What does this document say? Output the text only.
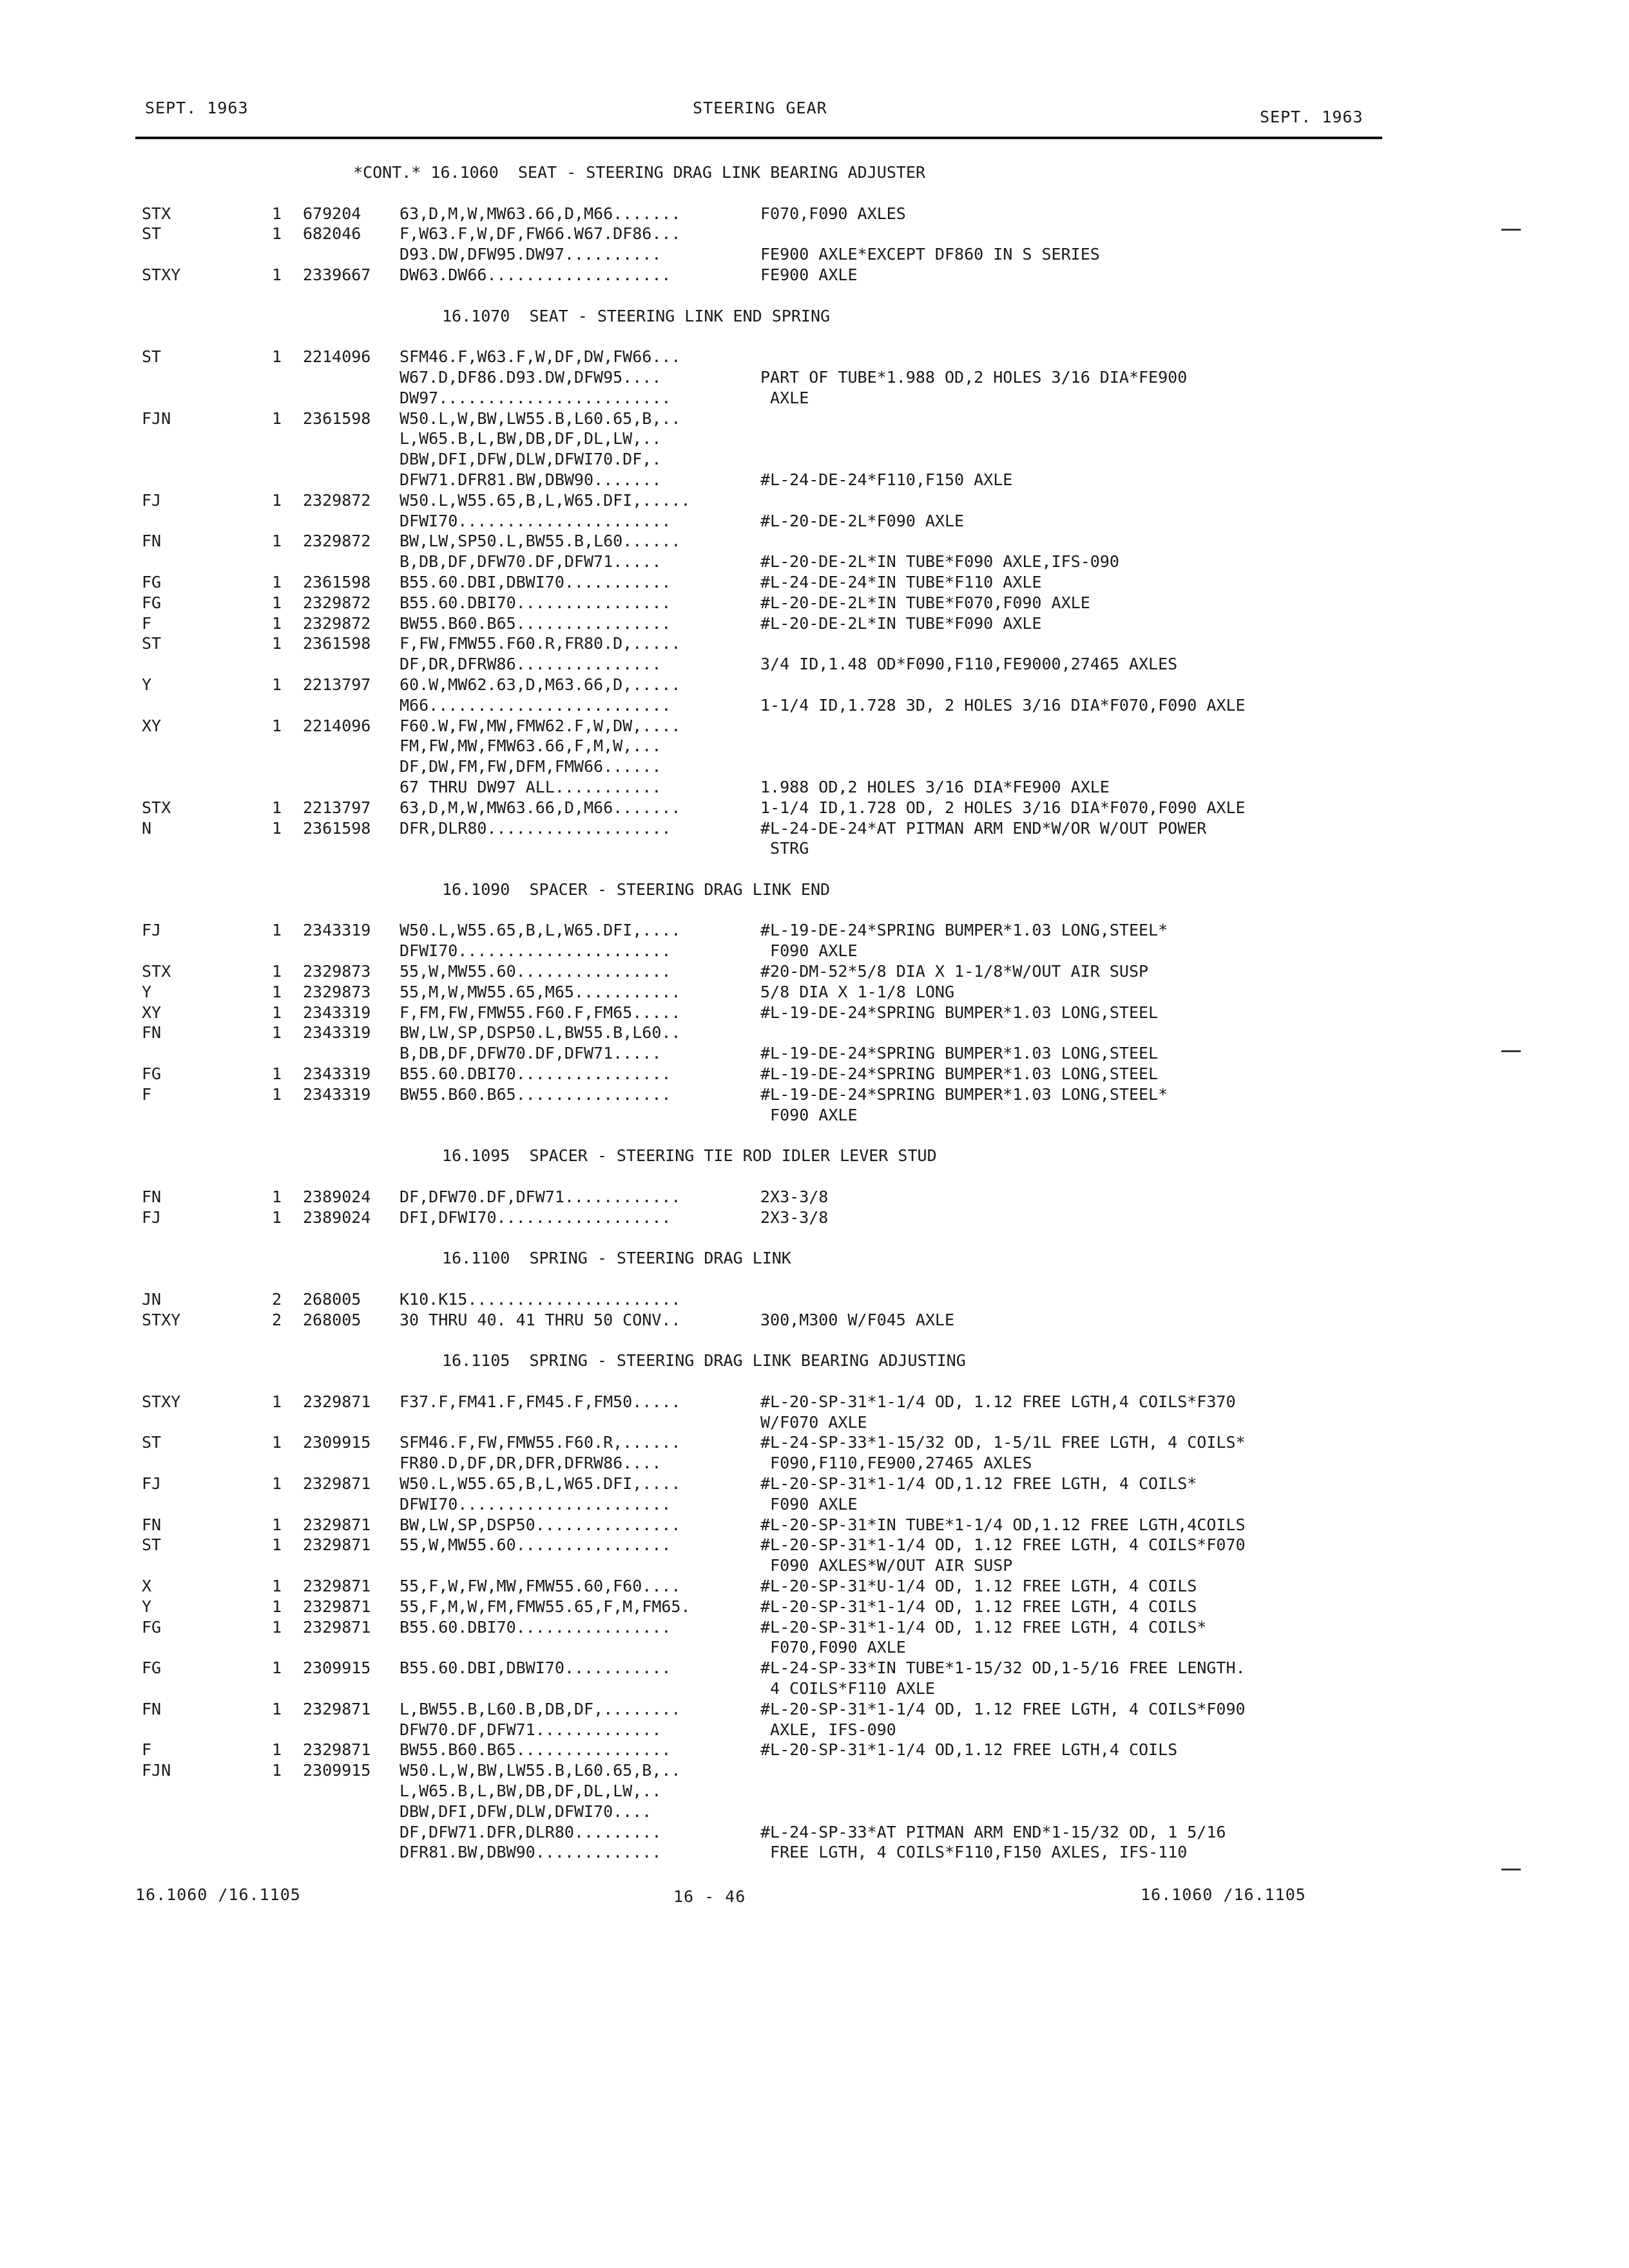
SEPT. 1963	STEERING GEAR	SEPT. 1963
*CONT.* 16.1060  SEAT - STEERING DRAG LINK BEARING ADJUSTER
STX	1 679204 63,D,M,W,MW63.66,D,M66.......	F070,F090 AXLES
ST	1 682046 F,W63.F,W,DF,FW66.W67.DF86...
D93.DW,DFW95.DW97..........	FE900 AXLE*EXCEPT DF860 IN S SERIES
STXY	1 2339667 DW63.DW66...................	FE900 AXLE
16.1070  SEAT - STEERING LINK END SPRING
ST	1 2214096 SFM46.F,W63.F,W,DF,DW,FW66...
W67.D,DF86.D93.DW,DFW95....	PART OF TUBE*1.988 OD,2 HOLES 3/16 DIA*FE900
DW97........................	AXLE
FJN	1 2361598 W50.L,W,BW,LW55.B,L60.65,B,..
L,W65.B,L,BW,DB,DF,DL,LW,..
DBW,DFI,DFW,DLW,DFWI70.DF,.
DFW71.DFR81.BW,DBW90.......	#L-24-DE-24*F110,F150 AXLE
FJ	1 2329872 W50.L,W55.65,B,L,W65.DFI,.....
DFWI70......................	#L-20-DE-2L*F090 AXLE
FN	1 2329872 BW,LW,SP50.L,BW55.B,L60......
B,DB,DF,DFW70.DF,DFW71.....	#L-20-DE-2L*IN TUBE*F090 AXLE,IFS-090
FG	1 2361598 B55.60.DBI,DBWI70...........	#L-24-DE-24*IN TUBE*F110 AXLE
FG	1 2329872 B55.60.DBI70................	#L-20-DE-2L*IN TUBE*F070,F090 AXLE
F	1 2329872 BW55.B60.B65................	#L-20-DE-2L*IN TUBE*F090 AXLE
ST	1 2361598 F,FW,FMW55.F60.R,FR80.D,.....
DF,DR,DFRW86...............	3/4 ID,1.48 OD*F090,F110,FE9000,27465 AXLES
Y	1 2213797 60.W,MW62.63,D,M63.66,D,.....
M66.........................	1-1/4 ID,1.728 3D, 2 HOLES 3/16 DIA*F070,F090 AXLE
XY	1 2214096 F60.W,FW,MW,FMW62.F,W,DW,....
FM,FW,MW,FMW63.66,F,M,W,...
DF,DW,FM,FW,DFM,FMW66......
67 THRU DW97 ALL...........	1.988 OD,2 HOLES 3/16 DIA*FE900 AXLE
STX	1 2213797 63,D,M,W,MW63.66,D,M66.......	1-1/4 ID,1.728 OD, 2 HOLES 3/16 DIA*F070,F090 AXLE
N	1 2361598 DFR,DLR80...................	#L-24-DE-24*AT PITMAN ARM END*W/OR W/OUT POWER
STRG
16.1090  SPACER - STEERING DRAG LINK END
FJ	1 2343319 W50.L,W55.65,B,L,W65.DFI,....	#L-19-DE-24*SPRING BUMPER*1.03 LONG,STEEL*
DFWI70......................	F090 AXLE
STX	1 2329873 55,W,MW55.60................	#20-DM-52*5/8 DIA X 1-1/8*W/OUT AIR SUSP
Y	1 2329873 55,M,W,MW55.65,M65...........	5/8 DIA X 1-1/8 LONG
XY	1 2343319 F,FM,FW,FMW55.F60.F,FM65.....	#L-19-DE-24*SPRING BUMPER*1.03 LONG,STEEL
FN	1 2343319 BW,LW,SP,DSP50.L,BW55.B,L60..
B,DB,DF,DFW70.DF,DFW71.....	#L-19-DE-24*SPRING BUMPER*1.03 LONG,STEEL
FG	1 2343319 B55.60.DBI70................	#L-19-DE-24*SPRING BUMPER*1.03 LONG,STEEL
F	1 2343319 BW55.B60.B65................	#L-19-DE-24*SPRING BUMPER*1.03 LONG,STEEL*
F090 AXLE
16.1095  SPACER - STEERING TIE ROD IDLER LEVER STUD
FN	1 2389024 DF,DFW70.DF,DFW71............	2X3-3/8
FJ	1 2389024 DFI,DFWI70..................	2X3-3/8
16.1100  SPRING - STEERING DRAG LINK
JN	2 268005 K10.K15......................
STXY	2 268005 30 THRU 40. 41 THRU 50 CONV..	300,M300 W/F045 AXLE
16.1105  SPRING - STEERING DRAG LINK BEARING ADJUSTING
STXY	1 2329871 F37.F,FM41.F,FM45.F,FM50.....	#L-20-SP-31*1-1/4 OD, 1.12 FREE LGTH,4 COILS*F370
W/F070 AXLE
ST	1 2309915 SFM46.F,FW,FMW55.F60.R,......	#L-24-SP-33*1-15/32 OD, 1-5/1L FREE LGTH, 4 COILS*
FR80.D,DF,DR,DFR,DFRW86....	F090,F110,FE900,27465 AXLES
FJ	1 2329871 W50.L,W55.65,B,L,W65.DFI,....	#L-20-SP-31*1-1/4 OD,1.12 FREE LGTH, 4 COILS*
DFWI70......................	F090 AXLE
FN	1 2329871 BW,LW,SP,DSP50...............	#L-20-SP-31*IN TUBE*1-1/4 OD,1.12 FREE LGTH,4COILS
ST	1 2329871 55,W,MW55.60................	#L-20-SP-31*1-1/4 OD, 1.12 FREE LGTH, 4 COILS*F070
F090 AXLES*W/OUT AIR SUSP
X	1 2329871 55,F,W,FW,MW,FMW55.60,F60....	#L-20-SP-31*U-1/4 OD, 1.12 FREE LGTH, 4 COILS
Y	1 2329871 55,F,M,W,FM,FMW55.65,F,M,FM65.	#L-20-SP-31*1-1/4 OD, 1.12 FREE LGTH, 4 COILS
FG	1 2329871 B55.60.DBI70................	#L-20-SP-31*1-1/4 OD, 1.12 FREE LGTH, 4 COILS*
F070,F090 AXLE
FG	1 2309915 B55.60.DBI,DBWI70...........	#L-24-SP-33*IN TUBE*1-15/32 OD,1-5/16 FREE LENGTH.
4 COILS*F110 AXLE
FN	1 2329871 L,BW55.B,L60.B,DB,DF,........	#L-20-SP-31*1-1/4 OD, 1.12 FREE LGTH, 4 COILS*F090
DFW70.DF,DFW71.............	AXLE, IFS-090
F	1 2329871 BW55.B60.B65................	#L-20-SP-31*1-1/4 OD,1.12 FREE LGTH,4 COILS
FJN	1 2309915 W50.L,W,BW,LW55.B,L60.65,B,..
L,W65.B,L,BW,DB,DF,DL,LW,..
DBW,DFI,DFW,DLW,DFWI70....
DF,DFW71.DFR,DLR80.........	#L-24-SP-33*AT PITMAN ARM END*1-15/32 OD, 1 5/16
DFR81.BW,DBW90.............	FREE LGTH, 4 COILS*F110,F150 AXLES, IFS-110
16.1060 /16.1105	16 - 46	16.1060 /16.1105
